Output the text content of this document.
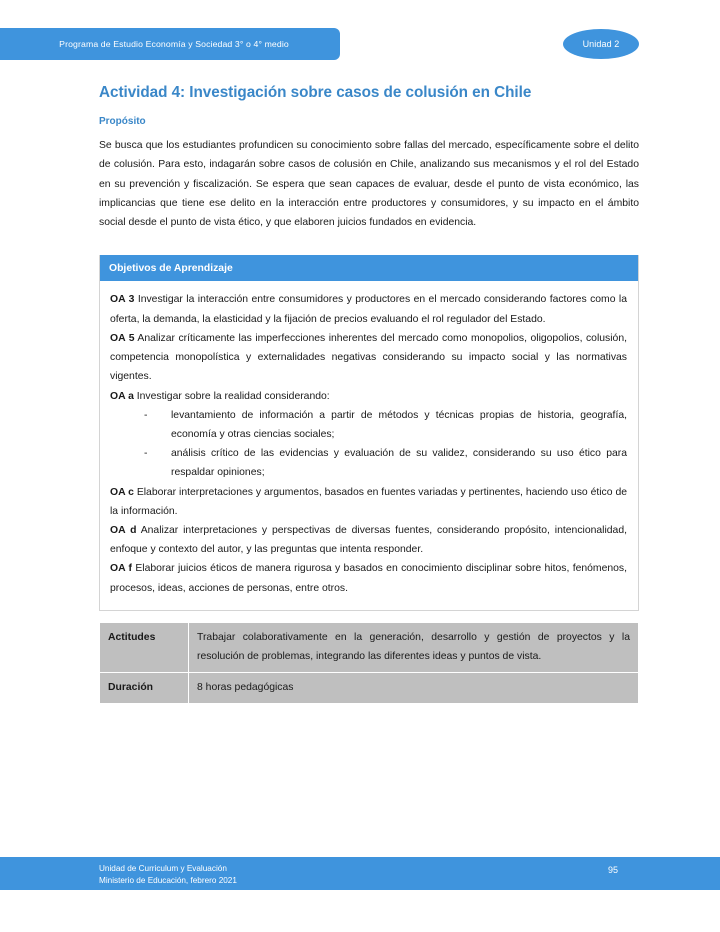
Programa de Estudio Economía y Sociedad 3° o 4° medio	Unidad 2
Actividad 4: Investigación sobre casos de colusión en Chile
Propósito

Se busca que los estudiantes profundicen su conocimiento sobre fallas del mercado, específicamente sobre el delito de colusión. Para esto, indagarán sobre casos de colusión en Chile, analizando sus mecanismos y el rol del Estado en su prevención y fiscalización. Se espera que sean capaces de evaluar, desde el punto de vista económico, las implicancias que tiene ese delito en la interacción entre productores y consumidores, y su impacto en el ámbito social desde el punto de vista ético, y que elaboren juicios fundados en evidencia.

Objetivos de Aprendizaje

OA 3 Investigar la interacción entre consumidores y productores en el mercado considerando factores como la oferta, la demanda, la elasticidad y la fijación de precios evaluando el rol regulador del Estado.

OA 5 Analizar críticamente las imperfecciones inherentes del mercado como monopolios, oligopolios, colusión, competencia monopolística y externalidades negativas considerando su impacto social y las normativas vigentes.

OA a Investigar sobre la realidad considerando:

- levantamiento de información a partir de métodos y técnicas propias de historia, geografía, economía y otras ciencias sociales;
- análisis crítico de las evidencias y evaluación de su validez, considerando su uso ético para respaldar opiniones;

OA c Elaborar interpretaciones y argumentos, basados en fuentes variadas y pertinentes, haciendo uso ético de la información.

OA d Analizar interpretaciones y perspectivas de diversas fuentes, considerando propósito, intencionalidad, enfoque y contexto del autor, y las preguntas que intenta responder.

OA f Elaborar juicios éticos de manera rigurosa y basados en conocimiento disciplinar sobre hitos, fenómenos, procesos, ideas, acciones de personas, entre otros.

Actitudes	Trabajar colaborativamente en la generación, desarrollo y gestión de proyectos y la resolución de problemas, integrando las diferentes ideas y puntos de vista.
Duración	8 horas pedagógicas
Unidad de Curriculum y Evaluación
Ministerio de Educación, febrero 2021
95
